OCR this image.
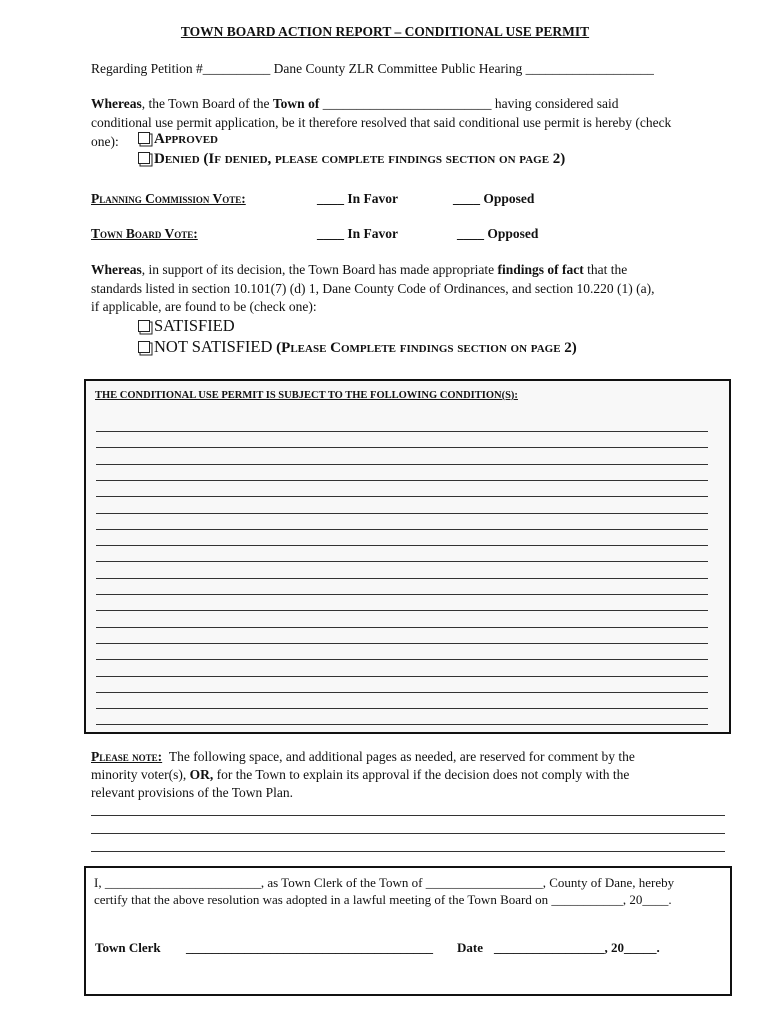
TOWN BOARD ACTION REPORT – CONDITIONAL USE PERMIT
Regarding Petition #__________ Dane County ZLR Committee Public Hearing ___________________
Whereas, the Town Board of the Town of _________________________ having considered said
conditional use permit application, be it therefore resolved that said conditional use permit is hereby (check
one):	Approved
Denied (If denied, please complete findings section on page 2)
Planning Commission Vote:	____ In Favor	____ Opposed
Town Board Vote:	____ In Favor	____ Opposed
Whereas, in support of its decision, the Town Board has made appropriate findings of fact that the
standards listed in section 10.101(7) (d) 1, Dane County Code of Ordinances, and section 10.220 (1) (a),
if applicable, are found to be (check one):
SATISFIED
NOT SATISFIED (Please Complete findings section on page 2)
THE CONDITIONAL USE PERMIT IS SUBJECT TO THE FOLLOWING CONDITION(S):
Please note: The following space, and additional pages as needed, are reserved for comment by the
minority voter(s), OR, for the Town to explain its approval if the decision does not comply with the
relevant provisions of the Town Plan.
I, ________________________, as Town Clerk of the Town of __________________, County of Dane, hereby
certify that the above resolution was adopted in a lawful meeting of the Town Board on ___________, 20____.
Town Clerk ______________________________________ Date _________________, 20_____.
